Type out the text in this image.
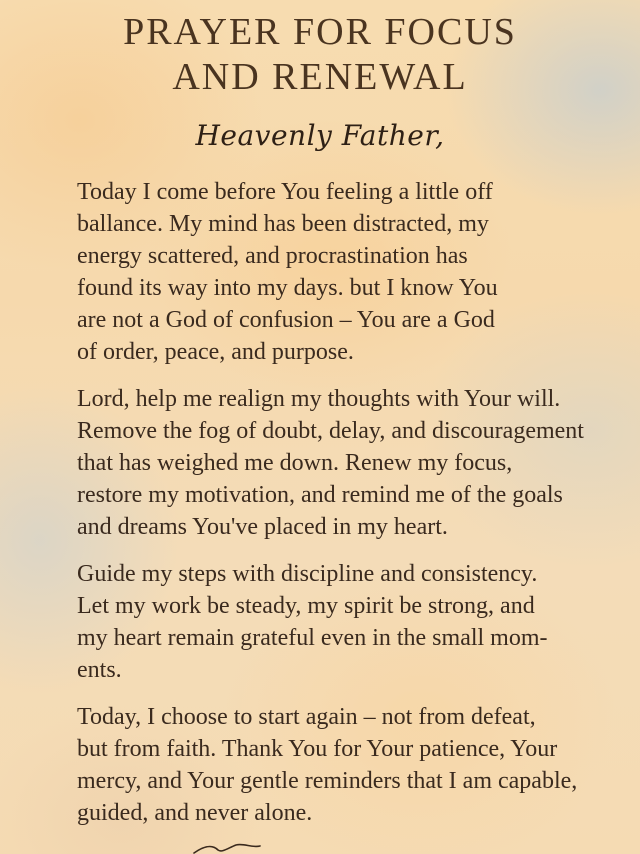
PRAYER FOR FOCUS
AND RENEWAL
Heavenly Father,

Today I come before You feeling a little off
ballance. My mind has been distracted, my
energy scattered, and procrastination has
found its way into my days. but I know You
are not a God of confusion – You are a God
of order, peace, and purpose.

Lord, help me realign my thoughts with Your will.
Remove the fog of doubt, delay, and discouragement
that has weighed me down. Renew my focus,
restore my motivation, and remind me of the goals
and dreams You've placed in my heart.

Guide my steps with discipline and consistency.
Let my work be steady, my spirit be strong, and
my heart remain grateful even in the small mom-
ents.

Today, I choose to start again – not from defeat,
but from faith. Thank You for Your patience, Your
mercy, and Your gentle reminders that I am capable,
guided, and never alone.
